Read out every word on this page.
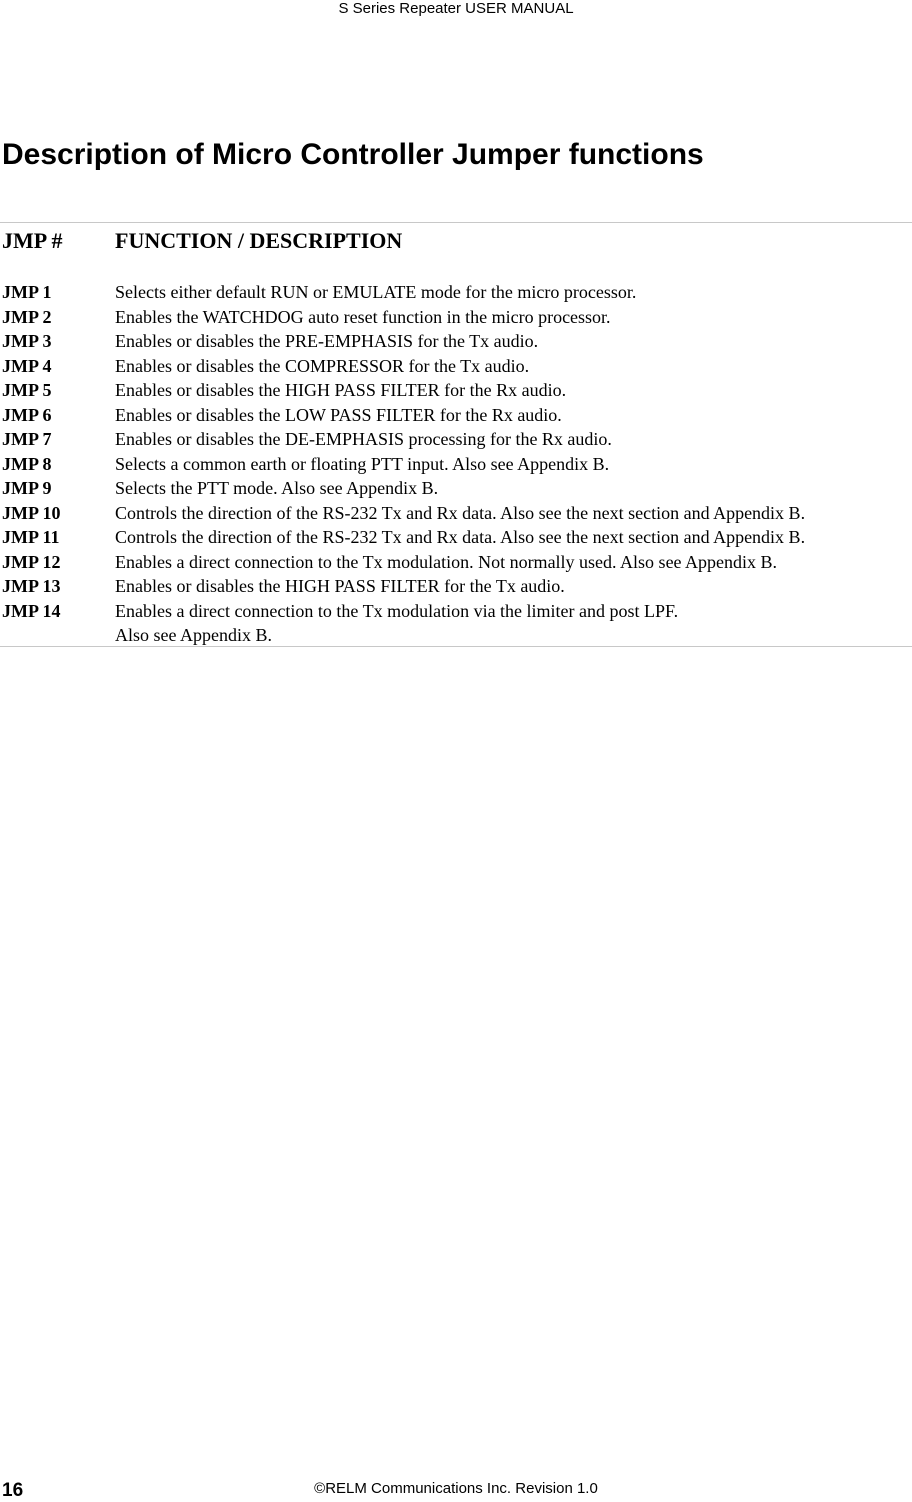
S Series Repeater USER MANUAL
Description of Micro Controller Jumper functions
JMP # FUNCTION / DESCRIPTION
JMP 1	Selects either default RUN or EMULATE mode for the micro processor.
JMP 2	Enables the WATCHDOG auto reset function in the micro processor.
JMP 3	Enables or disables the PRE-EMPHASIS for the Tx audio.
JMP 4	Enables or disables the COMPRESSOR for the Tx audio.
JMP 5	Enables or disables the HIGH PASS FILTER for the Rx audio.
JMP 6	Enables or disables the LOW PASS FILTER for the Rx audio.
JMP 7	Enables or disables the DE-EMPHASIS processing for the Rx audio.
JMP 8	Selects a common earth or floating PTT input. Also see Appendix B.
JMP 9	Selects the PTT mode. Also see Appendix B.
JMP 10	Controls the direction of the RS-232 Tx and Rx data. Also see the next section and Appendix B.
JMP 11	Controls the direction of the RS-232 Tx and Rx data. Also see the next section and Appendix B.
JMP 12	Enables a direct connection to the Tx modulation. Not normally used. Also see Appendix B.
JMP 13	Enables or disables the HIGH PASS FILTER for the Tx audio.
JMP 14	Enables a direct connection to the Tx modulation via the limiter and post LPF.
Also see Appendix B.
16	©RELM Communications Inc. Revision 1.0
